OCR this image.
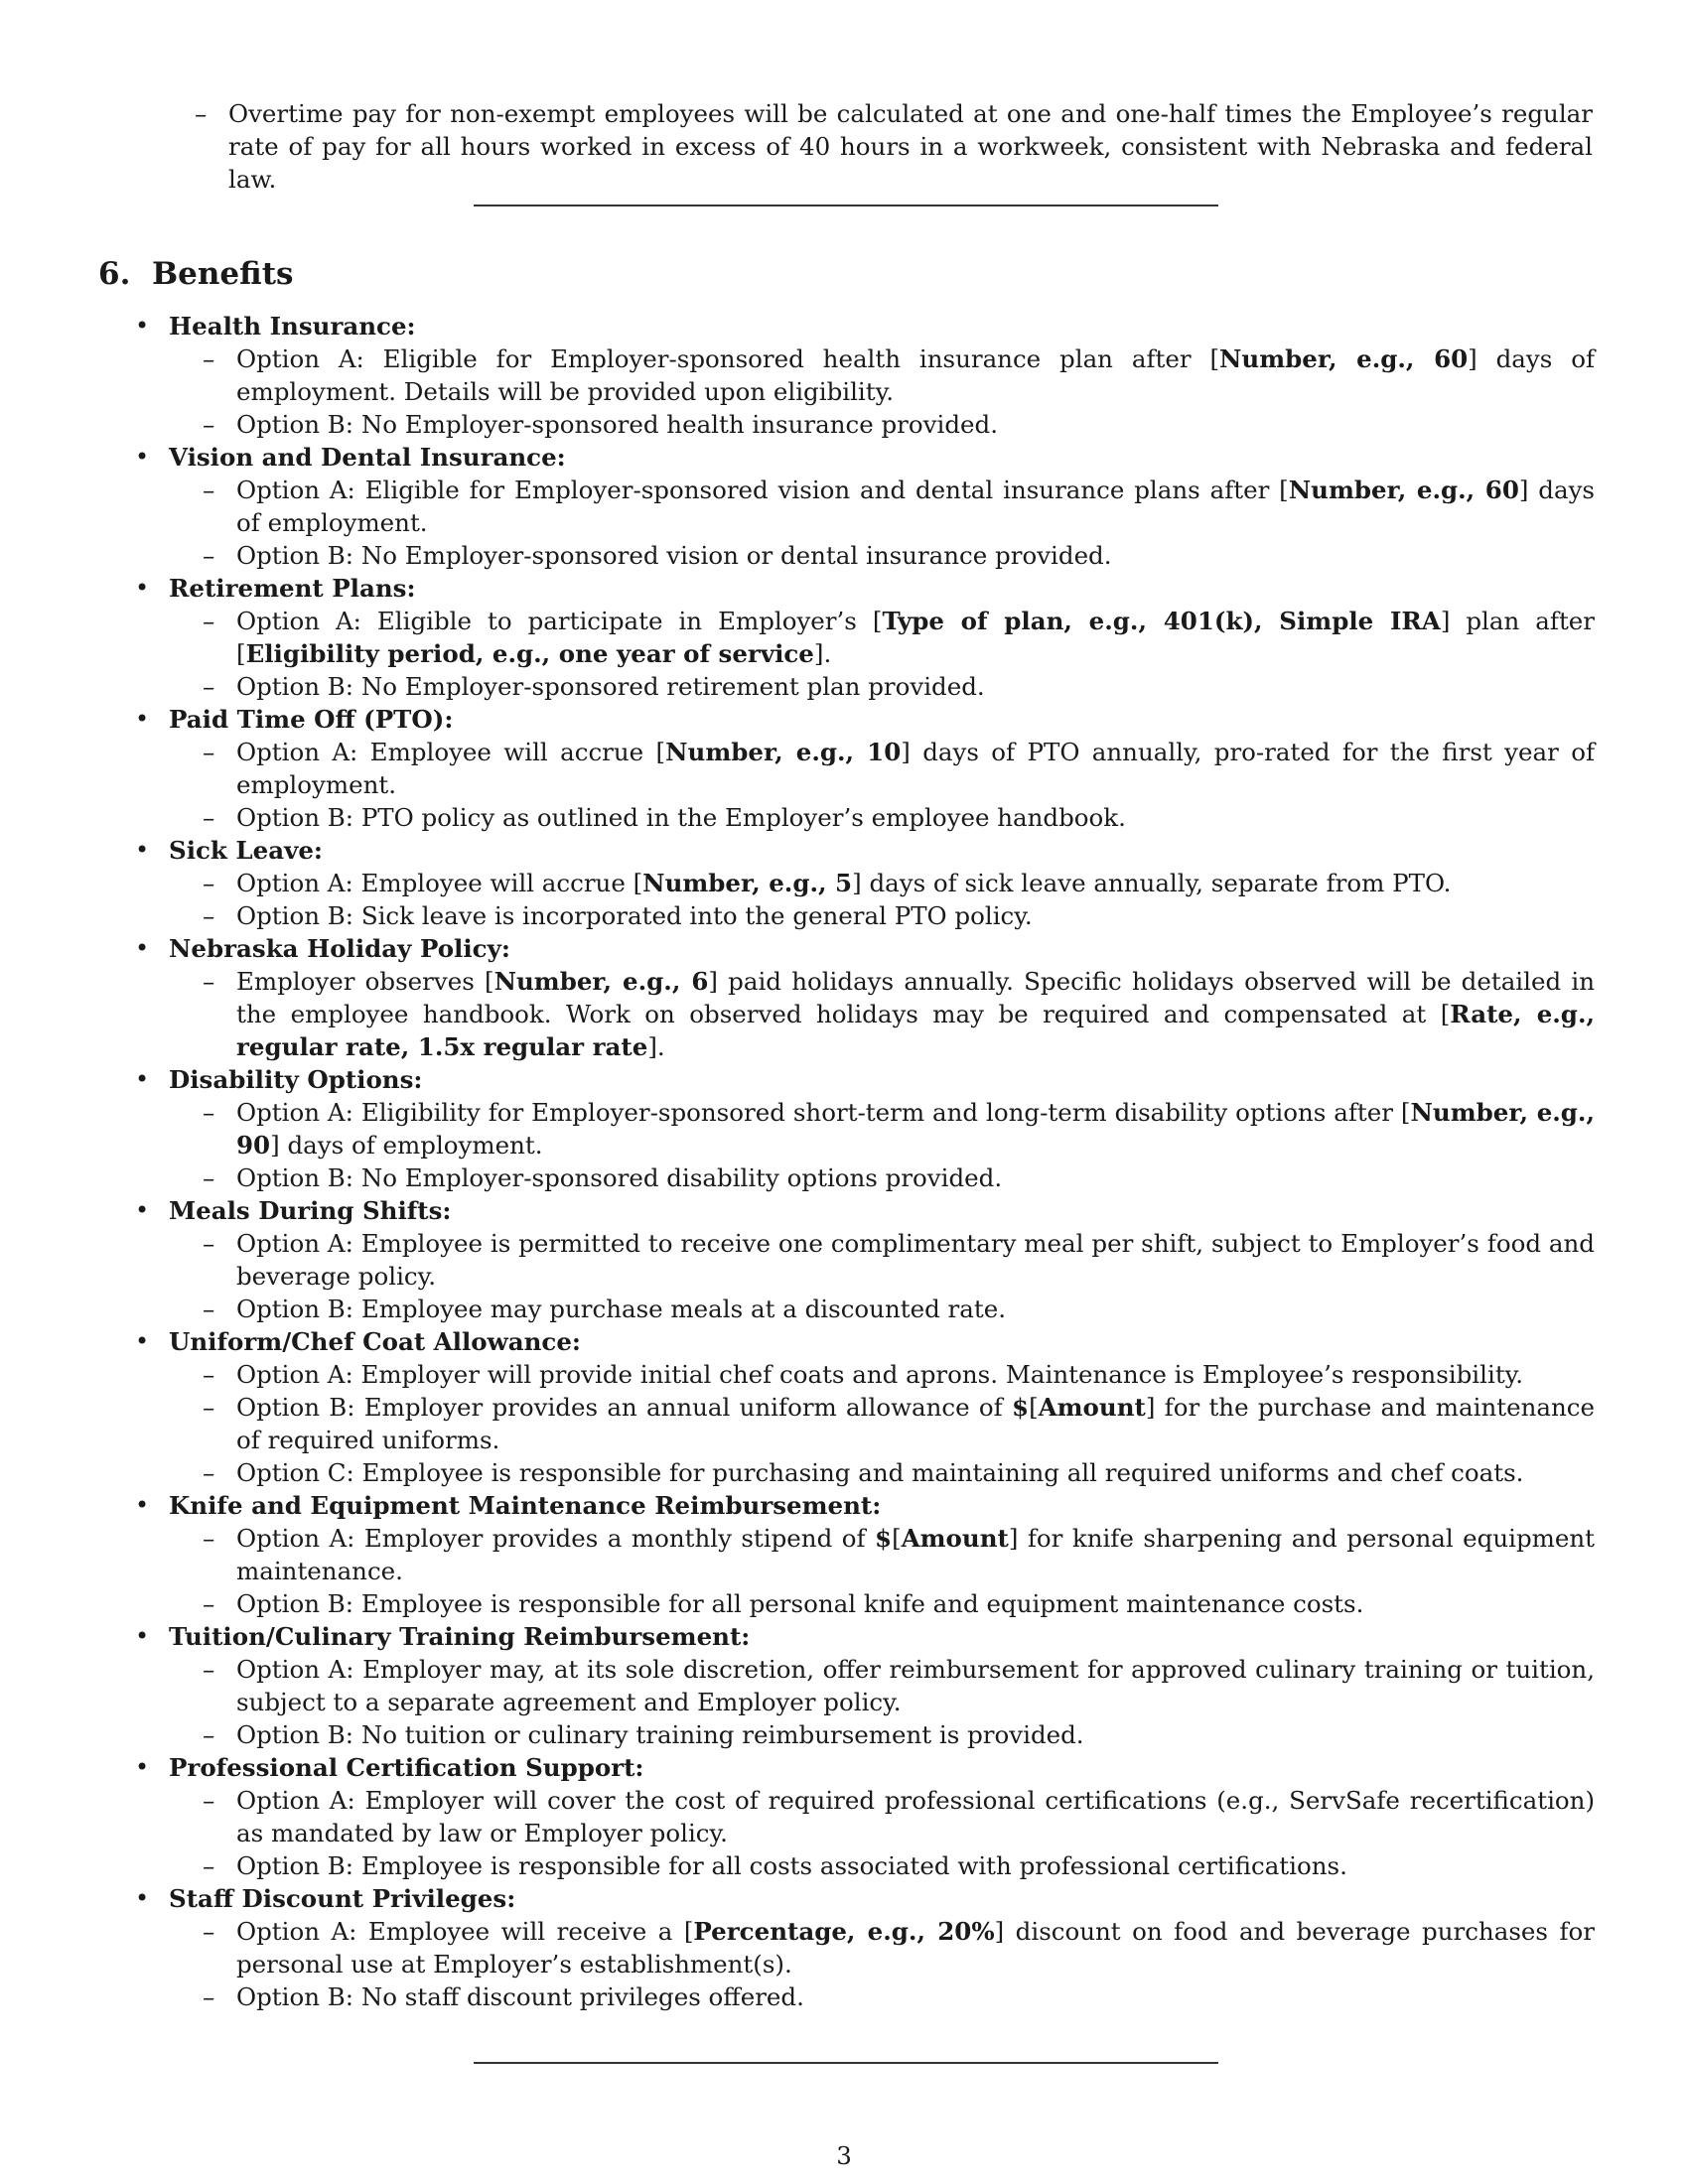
– Overtime pay for non-exempt employees will be calculated at one and one-half times the Employee’s regular rate of pay for all hours worked in excess of 40 hours in a workweek, consistent with Nebraska and federal law.
6. Benefits
• Health Insurance:
– Option A: Eligible for Employer-sponsored health insurance plan after [Number, e.g., 60] days of employment. Details will be provided upon eligibility.
– Option B: No Employer-sponsored health insurance provided.
• Vision and Dental Insurance:
– Option A: Eligible for Employer-sponsored vision and dental insurance plans after [Number, e.g., 60] days of employment.
– Option B: No Employer-sponsored vision or dental insurance provided.
• Retirement Plans:
– Option A: Eligible to participate in Employer’s [Type of plan, e.g., 401(k), Simple IRA] plan after [Eligibility period, e.g., one year of service].
– Option B: No Employer-sponsored retirement plan provided.
• Paid Time Off (PTO):
– Option A: Employee will accrue [Number, e.g., 10] days of PTO annually, pro-rated for the first year of employment.
– Option B: PTO policy as outlined in the Employer’s employee handbook.
• Sick Leave:
– Option A: Employee will accrue [Number, e.g., 5] days of sick leave annually, separate from PTO.
– Option B: Sick leave is incorporated into the general PTO policy.
• Nebraska Holiday Policy:
– Employer observes [Number, e.g., 6] paid holidays annually. Specific holidays observed will be detailed in the employee handbook. Work on observed holidays may be required and compensated at [Rate, e.g., regular rate, 1.5x regular rate].
• Disability Options:
– Option A: Eligibility for Employer-sponsored short-term and long-term disability options after [Number, e.g., 90] days of employment.
– Option B: No Employer-sponsored disability options provided.
• Meals During Shifts:
– Option A: Employee is permitted to receive one complimentary meal per shift, subject to Employer’s food and beverage policy.
– Option B: Employee may purchase meals at a discounted rate.
• Uniform/Chef Coat Allowance:
– Option A: Employer will provide initial chef coats and aprons. Maintenance is Employee’s responsibility.
– Option B: Employer provides an annual uniform allowance of $[Amount] for the purchase and maintenance of required uniforms.
– Option C: Employee is responsible for purchasing and maintaining all required uniforms and chef coats.
• Knife and Equipment Maintenance Reimbursement:
– Option A: Employer provides a monthly stipend of $[Amount] for knife sharpening and personal equipment maintenance.
– Option B: Employee is responsible for all personal knife and equipment maintenance costs.
• Tuition/Culinary Training Reimbursement:
– Option A: Employer may, at its sole discretion, offer reimbursement for approved culinary training or tuition, subject to a separate agreement and Employer policy.
– Option B: No tuition or culinary training reimbursement is provided.
• Professional Certification Support:
– Option A: Employer will cover the cost of required professional certifications (e.g., ServSafe recertification) as mandated by law or Employer policy.
– Option B: Employee is responsible for all costs associated with professional certifications.
• Staff Discount Privileges:
– Option A: Employee will receive a [Percentage, e.g., 20%] discount on food and beverage purchases for personal use at Employer’s establishment(s).
– Option B: No staff discount privileges offered.
3
